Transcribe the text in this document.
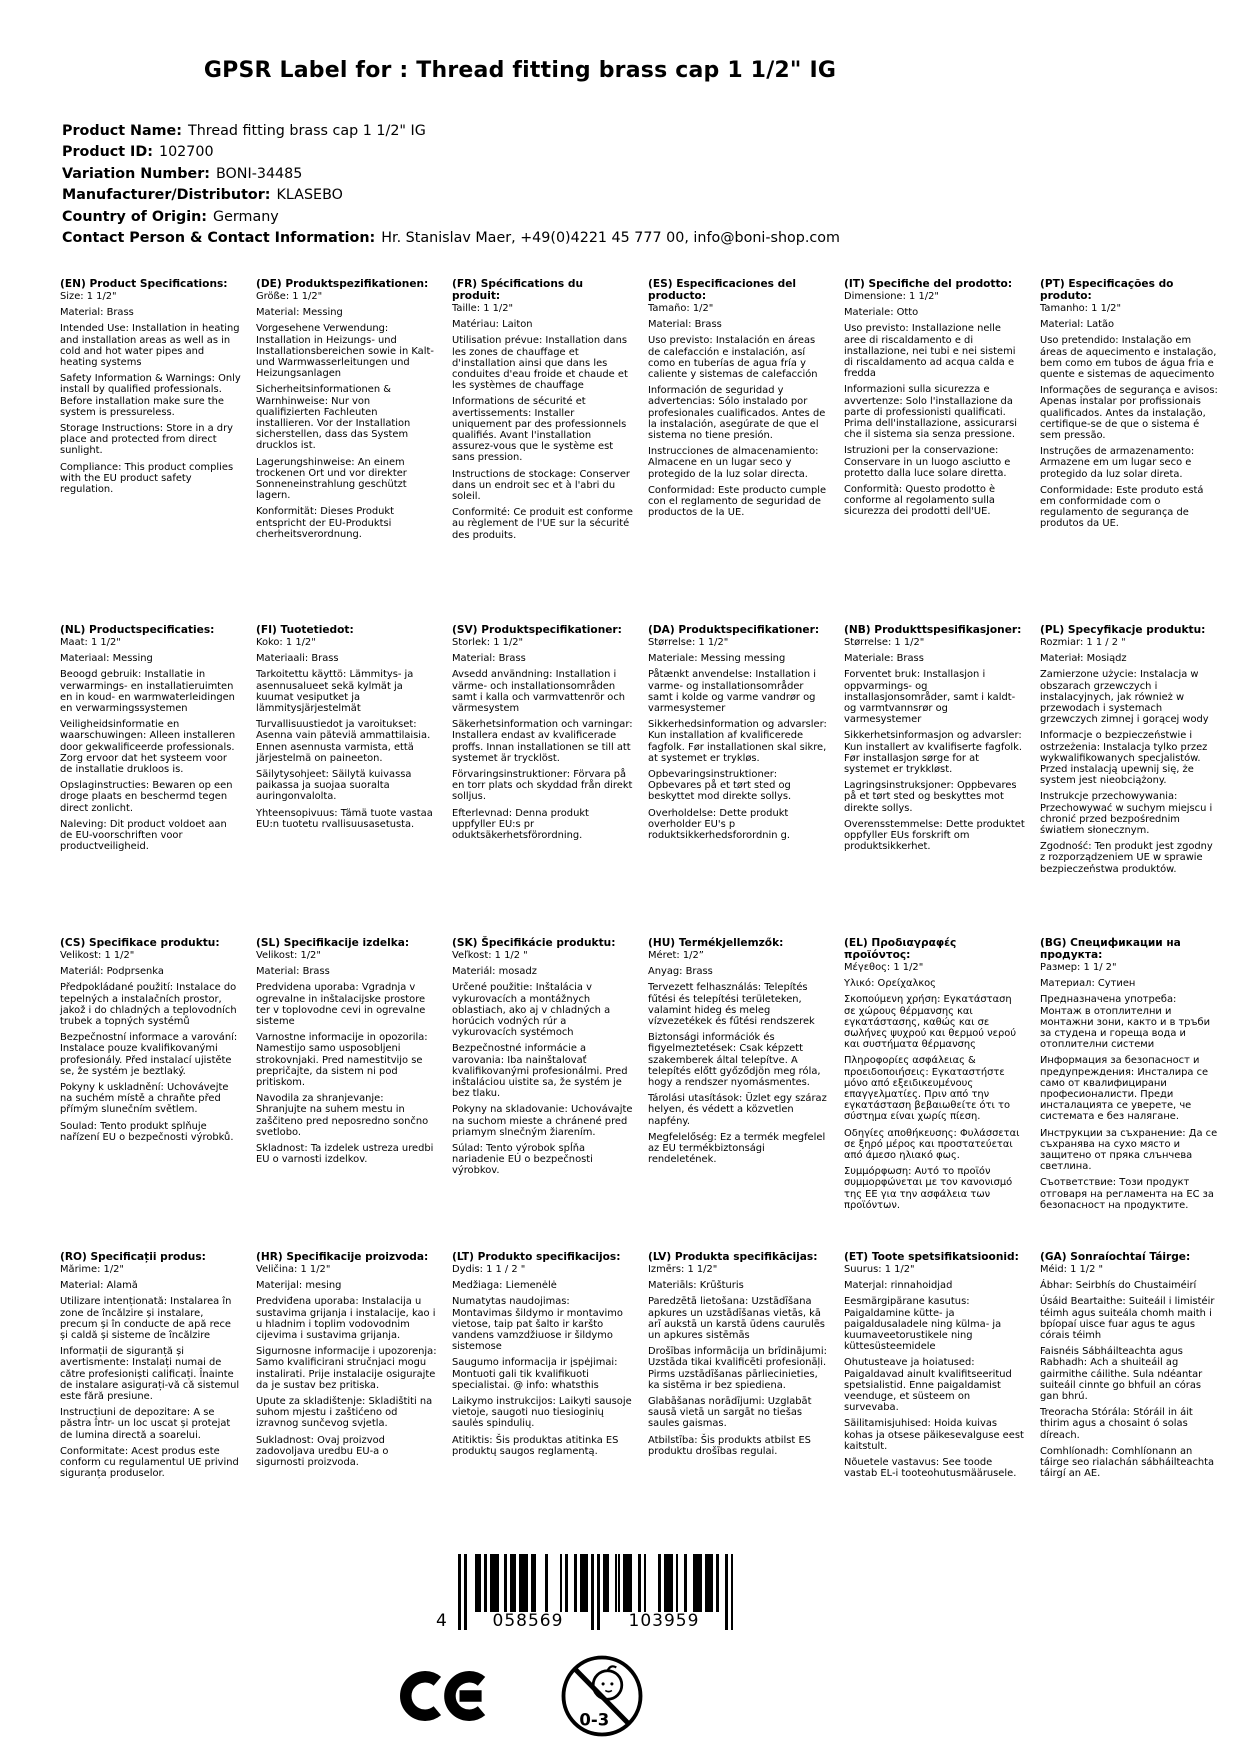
GPSR Label for : Thread fitting brass cap 1 1/2" IG
Product Name: Thread fitting brass cap 1 1/2" IG
Product ID: 102700
Variation Number: BONI-34485
Manufacturer/Distributor: KLASEBO
Country of Origin: Germany
Contact Person & Contact Information: Hr. Stanislav Maer, +49(0)4221 45 777 00, info@boni-shop.com

(EN) Product Specifications:

Size: 1 1/2"

Material: Brass

Intended Use: Installation in heating and installation areas as well as in cold and hot water pipes and heating systems

Safety Information & Warnings: Only install by qualified professionals. Before installation make sure the system is pressureless.

Storage Instructions: Store in a dry place and protected from direct sunlight.

Compliance: This product complies with the EU product safety regulation.

(DE) Produktspezifikationen:

Größe: 1 1/2"

Material: Messing

Vorgesehene Verwendung: Installation in Heizungs- und Installationsbereichen sowie in Kalt- und Warmwasserleitungen und Heizungsanlagen

Sicherheitsinformationen & Warnhinweise: Nur von qualifizierten Fachleuten installieren. Vor der Installation sicherstellen, dass das System drucklos ist.

Lagerungshinweise: An einem trockenen Ort und vor direkter Sonneneinstrahlung geschützt lagern.

Konformität: Dieses Produkt entspricht der EU-Produktsi cherheitsverordnung.

(FR) Spécifications du produit:

Taille: 1 1/2"

Matériau: Laiton

Utilisation prévue: Installation dans les zones de chauffage et d'installation ainsi que dans les conduites d'eau froide et chaude et les systèmes de chauffage

Informations de sécurité et avertissements: Installer uniquement par des professionnels qualifiés. Avant l'installation assurez-vous que le système est sans pression.

Instructions de stockage: Conserver dans un endroit sec et à l'abri du soleil.

Conformité: Ce produit est conforme au règlement de l'UE sur la sécurité des produits.

(ES) Especificaciones del producto:

Tamaño: 1/2"

Material: Brass

Uso previsto: Instalación en áreas de calefacción e instalación, así como en tuberías de agua fría y caliente y sistemas de calefacción

Información de seguridad y advertencias: Sólo instalado por profesionales cualificados. Antes de la instalación, asegúrate de que el sistema no tiene presión.

Instrucciones de almacenamiento: Almacene en un lugar seco y protegido de la luz solar directa.

Conformidad: Este producto cumple con el reglamento de seguridad de productos de la UE.

(IT) Specifiche del prodotto:

Dimensione: 1 1/2"

Materiale: Otto

Uso previsto: Installazione nelle aree di riscaldamento e di installazione, nei tubi e nei sistemi di riscaldamento ad acqua calda e fredda

Informazioni sulla sicurezza e avvertenze: Solo l'installazione da parte di professionisti qualificati. Prima dell'installazione, assicurarsi che il sistema sia senza pressione.

Istruzioni per la conservazione: Conservare in un luogo asciutto e protetto dalla luce solare diretta.

Conformità: Questo prodotto è conforme al regolamento sulla sicurezza dei prodotti dell'UE.

(PT) Especificações do produto:

Tamanho: 1 1/2"

Material: Latão

Uso pretendido: Instalação em áreas de aquecimento e instalação, bem como em tubos de água fria e quente e sistemas de aquecimento

Informações de segurança e avisos: Apenas instalar por profissionais qualificados. Antes da instalação, certifique-se de que o sistema é sem pressão.

Instruções de armazenamento: Armazene em um lugar seco e protegido da luz solar direta.

Conformidade: Este produto está em conformidade com o regulamento de segurança de produtos da UE.

(NL) Productspecificaties:

Maat: 1 1/2"

Materiaal: Messing

Beoogd gebruik: Installatie in verwarmings- en installatieruimten en in koud- en warmwaterleidingen en verwarmingssystemen

Veiligheidsinformatie en waarschuwingen: Alleen installeren door gekwalificeerde professionals. Zorg ervoor dat het systeem voor de installatie drukloos is.

Opslaginstructies: Bewaren op een droge plaats en beschermd tegen direct zonlicht.

Naleving: Dit product voldoet aan de EU-voorschriften voor productveiligheid.

(FI) Tuotetiedot:

Koko: 1 1/2"

Materiaali: Brass

Tarkoitettu käyttö: Lämmitys- ja asennusalueet sekä kylmät ja kuumat vesiputket ja lämmitysjärjestelmät

Turvallisuustiedot ja varoitukset: Asenna vain päteviä ammattilaisia. Ennen asennusta varmista, että järjestelmä on paineeton.

Säilytysohjeet: Säilytä kuivassa paikassa ja suojaa suoralta auringonvalolta.

Yhteensopivuus: Tämä tuote vastaa EU:n tuotetu rvallisuusasetusta.

(SV) Produktspecifikationer:

Storlek: 1 1/2"

Material: Brass

Avsedd användning: Installation i värme- och installationsområden samt i kalla och varmvattenrör och värmesystem

Säkerhetsinformation och varningar: Installera endast av kvalificerade proffs. Innan installationen se till att systemet är trycklöst.

Förvaringsinstruktioner: Förvara på en torr plats och skyddad från direkt solljus.

Efterlevnad: Denna produkt uppfyller EU:s pr oduktsäkerhetsförordning.

(DA) Produktspecifikationer:

Størrelse: 1 1/2"

Materiale: Messing messing

Påtænkt anvendelse: Installation i varme- og installationsområder samt i kolde og varme vandrør og varmesystemer

Sikkerhedsinformation og advarsler: Kun installation af kvalificerede fagfolk. Før installationen skal sikre, at systemet er trykløs.

Opbevaringsinstruktioner: Opbevares på et tørt sted og beskyttet mod direkte sollys.

Overholdelse: Dette produkt overholder EU's p roduktsikkerhedsforordnin g.

(NB) Produkttspesifikasjoner:

Størrelse: 1 1/2"

Materiale: Brass

Forventet bruk: Installasjon i oppvarmings- og installasjonsområder, samt i kaldt- og varmtvannsrør og varmesystemer

Sikkerhetsinformasjon og advarsler: Kun installert av kvalifiserte fagfolk. Før installasjon sørge for at systemet er trykkløst.

Lagringsinstruksjoner: Oppbevares på et tørt sted og beskyttes mot direkte sollys.

Overensstemmelse: Dette produktet oppfyller EUs forskrift om produktsikkerhet.

(PL) Specyfikacje produktu:

Rozmiar: 1 1 / 2 "

Materiał: Mosiądz

Zamierzone użycie: Instalacja w obszarach grzewczych i instalacyjnych, jak również w przewodach i systemach grzewczych zimnej i gorącej wody

Informacje o bezpieczeństwie i ostrzeżenia: Instalacja tylko przez wykwalifikowanych specjalistów. Przed instalacją upewnij się, że system jest nieobciążony.

Instrukcje przechowywania: Przechowywać w suchym miejscu i chronić przed bezpośrednim światłem słonecznym.

Zgodność: Ten produkt jest zgodny z rozporządzeniem UE w sprawie bezpieczeństwa produktów.

(CS) Specifikace produktu:

Velikost: 1 1/2"

Materiál: Podprsenka

Předpokládané použití: Instalace do tepelných a instalačních prostor, jakož i do chladných a teplovodních trubek a topných systémů

Bezpečnostní informace a varování: Instalace pouze kvalifikovanými profesionály. Před instalací ujistěte se, že systém je beztlaký.

Pokyny k uskladnění: Uchovávejte na suchém místě a chraňte před přímým slunečním světlem.

Soulad: Tento produkt splňuje nařízení EU o bezpečnosti výrobků.

(SL) Specifikacije izdelka:

Velikost: 1/2"

Material: Brass

Predvidena uporaba: Vgradnja v ogrevalne in inštalacijske prostore ter v toplovodne cevi in ogrevalne sisteme

Varnostne informacije in opozorila: Namestijo samo usposobljeni strokovnjaki. Pred namestitvijo se prepričajte, da sistem ni pod pritiskom.

Navodila za shranjevanje: Shranjujte na suhem mestu in zaščiteno pred neposredno sončno svetlobo.

Skladnost: Ta izdelek ustreza uredbi EU o varnosti izdelkov.

(SK) Špecifikácie produktu:

Veľkost: 1 1/2 "

Materiál: mosadz

Určené použitie: Inštalácia v vykurovacích a montážnych oblastiach, ako aj v chladných a horúcich vodných rúr a vykurovacích systémoch

Bezpečnostné informácie a varovania: Iba nainštalovať kvalifikovanými profesionálmi. Pred inštaláciou uistite sa, že systém je bez tlaku.

Pokyny na skladovanie: Uchovávajte na suchom mieste a chránené pred priamym slnečným žiarením.

Súlad: Tento výrobok spĺňa nariadenie EÚ o bezpečnosti výrobkov.

(HU) Termékjellemzők:

Méret: 1/2”

Anyag: Brass

Tervezett felhasználás: Telepítés fűtési és telepítési területeken, valamint hideg és meleg vízvezetékek és fűtési rendszerek

Biztonsági információk és figyelmeztetések: Csak képzett szakemberek által telepítve. A telepítés előtt győződjön meg róla, hogy a rendszer nyomásmentes.

Tárolási utasítások: Üzlet egy száraz helyen, és védett a közvetlen napfény.

Megfelelőség: Ez a termék megfelel az EU termékbiztonsági rendeletének.

(EL) Προδιαγραφές προϊόντος:

Μέγεθος: 1 1/2"

Υλικό: Ορείχαλκος

Σκοπούμενη χρήση: Εγκατάσταση σε χώρους θέρμανσης και εγκατάστασης, καθώς και σε σωλήνες ψυχρού και θερμού νερού και συστήματα θέρμανσης

Πληροφορίες ασφάλειας & προειδοποιήσεις: Εγκαταστήστε μόνο από εξειδικευμένους επαγγελματίες. Πριν από την εγκατάσταση βεβαιωθείτε ότι το σύστημα είναι χωρίς πίεση.

Οδηγίες αποθήκευσης: Φυλάσσεται σε ξηρό μέρος και προστατεύεται από άμεσο ηλιακό φως.

Συμμόρφωση: Αυτό το προϊόν συμμορφώνεται με τον κανονισμό της ΕΕ για την ασφάλεια των προϊόντων.

(BG) Спецификации на продукта:

Размер: 1 1/ 2"

Материал: Сутиен

Предназначена употреба: Монтаж в отоплителни и монтажни зони, както и в тръби за студена и гореща вода и отоплителни системи

Информация за безопасност и предупреждения: Инсталира се само от квалифицирани професионалисти. Преди инсталацията се уверете, че системата е без налягане.

Инструкции за съхранение: Да се съхранява на сухо място и защитено от пряка слънчева светлина.

Съответствие: Този продукт отговаря на регламента на ЕС за безопасност на продуктите.

(RO) Specificații produs:

Mărime: 1/2"

Material: Alamă

Utilizare intenționată: Instalarea în zone de încălzire și instalare, precum și în conducte de apă rece și caldă și sisteme de încălzire

Informații de siguranță și avertismente: Instalați numai de către profesioniști calificați. Înainte de instalare asigurați-vă că sistemul este fără presiune.

Instrucțiuni de depozitare: A se păstra într- un loc uscat și protejat de lumina directă a soarelui.

Conformitate: Acest produs este conform cu regulamentul UE privind siguranța produselor.

(HR) Specifikacije proizvoda:

Veličina: 1 1/2"

Materijal: mesing

Predviđena uporaba: Instalacija u sustavima grijanja i instalacije, kao i u hladnim i toplim vodovodnim cijevima i sustavima grijanja.

Sigurnosne informacije i upozorenja: Samo kvalificirani stručnjaci mogu instalirati. Prije instalacije osigurajte da je sustav bez pritiska.

Upute za skladištenje: Skladištiti na suhom mjestu i zaštićeno od izravnog sunčevog svjetla.

Sukladnost: Ovaj proizvod zadovoljava uredbu EU-a o sigurnosti proizvoda.

(LT) Produkto specifikacijos:

Dydis: 1 1 / 2 "

Medžiaga: Liemenėlė

Numatytas naudojimas: Montavimas šildymo ir montavimo vietose, taip pat šalto ir karšto vandens vamzdžiuose ir šildymo sistemose

Saugumo informacija ir įspėjimai: Montuoti gali tik kvalifikuoti specialistai. @ info: whatsthis

Laikymo instrukcijos: Laikyti sausoje vietoje, saugoti nuo tiesioginių saulės spindulių.

Atitiktis: Šis produktas atitinka ES produktų saugos reglamentą.

(LV) Produkta specifikācijas:

Izmērs: 1 1/2"

Materiāls: Krūšturis

Paredzētā lietošana: Uzstādīšana apkures un uzstādīšanas vietās, kā arī aukstā un karstā ūdens caurulēs un apkures sistēmās

Drošības informācija un brīdinājumi: Uzstāda tikai kvalificēti profesionāļi. Pirms uzstādīšanas pārliecinieties, ka sistēma ir bez spiediena.

Glabāšanas norādījumi: Uzglabāt sausā vietā un sargāt no tiešas saules gaismas.

Atbilstība: Šis produkts atbilst ES produktu drošības regulai.

(ET) Toote spetsifikatsioonid:

Suurus: 1 1/2"

Materjal: rinnahoidjad

Eesmärgipärane kasutus: Paigaldamine kütte- ja paigaldusaladele ning külma- ja kuumaveetorustikele ning küttesüsteemidele

Ohutusteave ja hoiatused: Paigaldavad ainult kvalifitseeritud spetsialistid. Enne paigaldamist veenduge, et süsteem on survevaba.

Säilitamisjuhised: Hoida kuivas kohas ja otsese päikesevalguse eest kaitstult.

Nõuetele vastavus: See toode vastab EL-i tooteohutusmäärusele.

(GA) Sonraíochtaí Táirge:

Méid: 1 1/2 "

Ábhar: Seirbhís do Chustaiméirí

Úsáid Beartaithe: Suiteáil i limistéir téimh agus suiteála chomh maith i bpíopaí uisce fuar agus te agus córais téimh

Faisnéis Sábháilteachta agus Rabhadh: Ach a shuiteáil ag gairmithe cáilithe. Sula ndéantar suiteáil cinnte go bhfuil an córas gan bhrú.

Treoracha Stórála: Stóráil in áit thirim agus a chosaint ó solas díreach.

Comhlíonadh: Comhlíonann an táirge seo rialachán sábháilteachta táirgí an AE.

4	058569	103959
0-3
